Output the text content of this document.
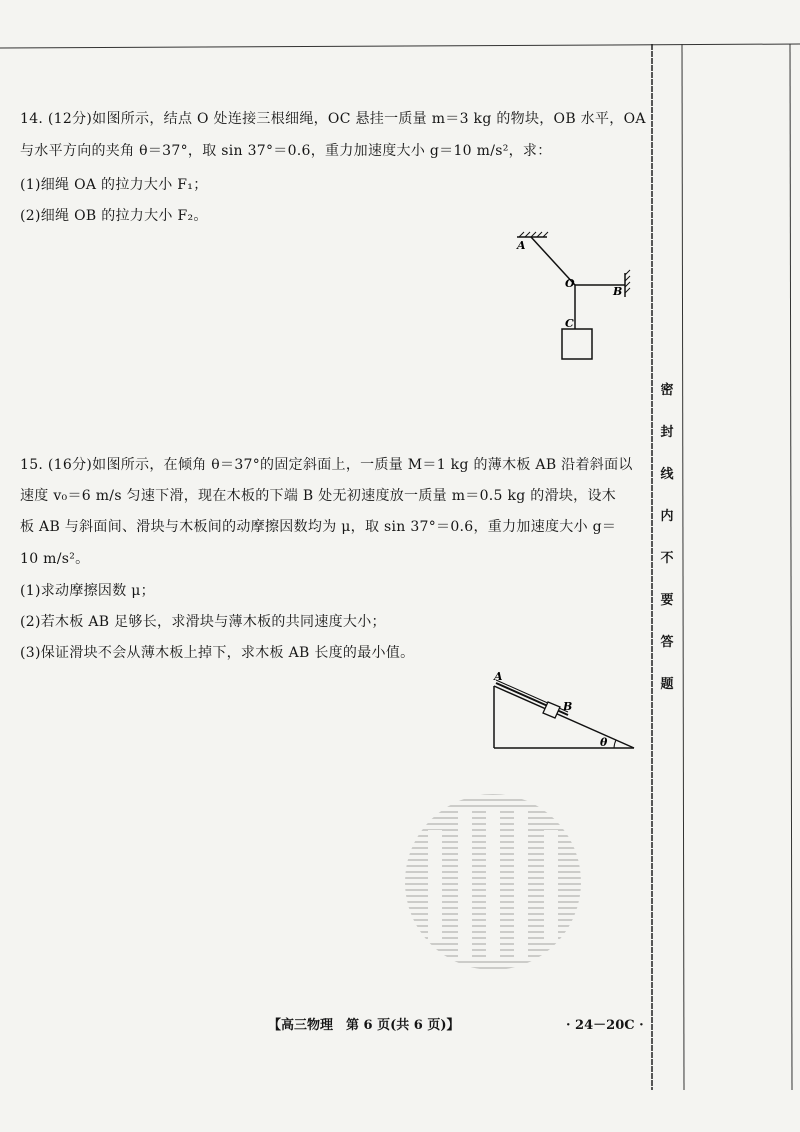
14. (12分)如图所示，结点 O 处连接三根细绳，OC 悬挂一质量 m＝3 kg 的物块，OB 水平，OA
与水平方向的夹角 θ＝37°，取 sin 37°＝0.6，重力加速度大小 g＝10 m/s²，求：
(1)细绳 OA 的拉力大小 F₁；
(2)细绳 OB 的拉力大小 F₂。
A
O
B
C
15. (16分)如图所示，在倾角 θ＝37°的固定斜面上，一质量 M＝1 kg 的薄木板 AB 沿着斜面以
速度 v₀＝6 m/s 匀速下滑，现在木板的下端 B 处无初速度放一质量 m＝0.5 kg 的滑块，设木
板 AB 与斜面间、滑块与木板间的动摩擦因数均为 μ，取 sin 37°＝0.6，重力加速度大小 g＝
10 m/s²。
(1)求动摩擦因数 μ；
(2)若木板 AB 足够长，求滑块与薄木板的共同速度大小；
(3)保证滑块不会从薄木板上掉下，求木板 AB 长度的最小值。
A
B
θ
密
封
线
内
不
要
答
题
【高三物理　第 6 页(共 6 页)】	· 24－20C ·
